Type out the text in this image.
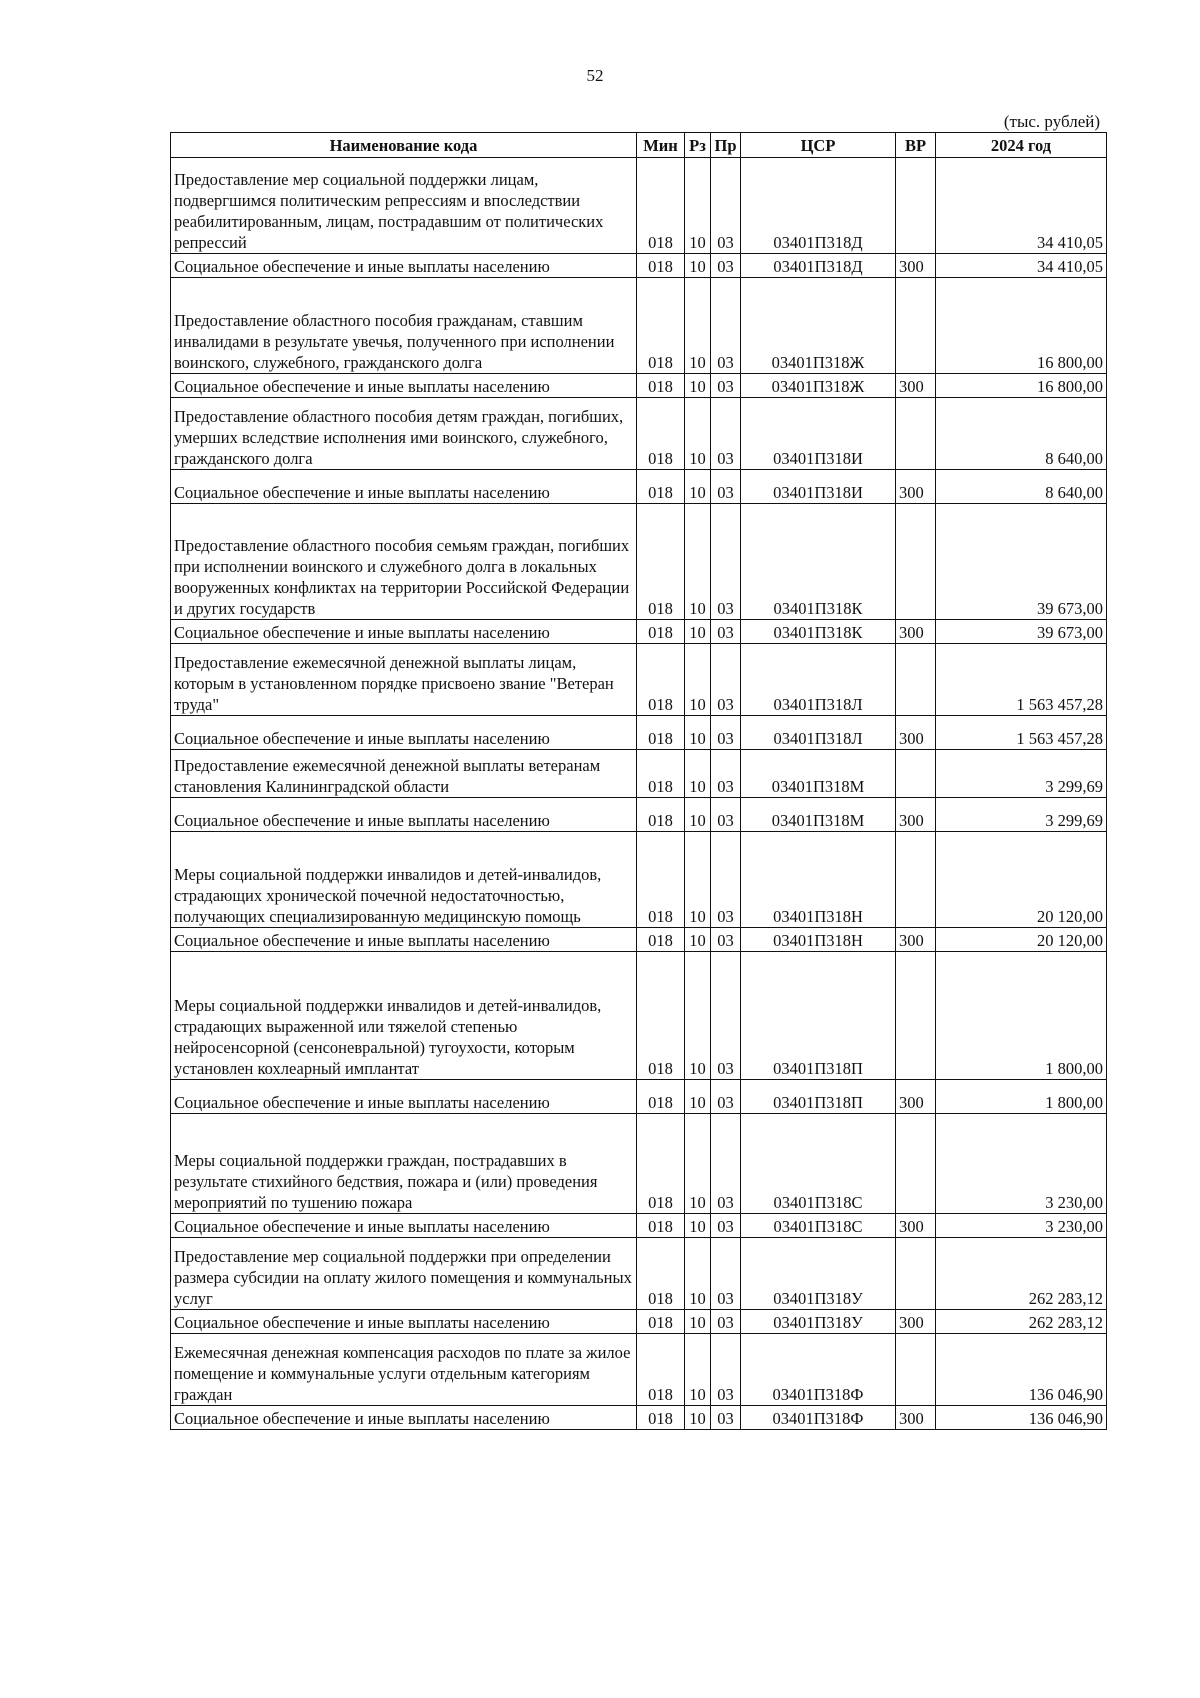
52
(тыс. рублей)
Наименование кода	Мин	Рз	Пр	ЦСР	ВР	2024 год
Предоставление мер социальной поддержки лицам, подвергшимся политическим репрессиям и впоследствии реабилитированным, лицам, пострадавшим от политических репрессий	018	10	03	03401П318Д		34 410,05
Социальное обеспечение и иные выплаты населению	018	10	03	03401П318Д	300	34 410,05
Предоставление областного пособия гражданам, ставшим инвалидами в результате увечья, полученного при исполнении воинского, служебного, гражданского долга	018	10	03	03401П318Ж		16 800,00
Социальное обеспечение и иные выплаты населению	018	10	03	03401П318Ж	300	16 800,00
Предоставление областного пособия детям граждан, погибших, умерших вследствие исполнения ими воинского, служебного, гражданского долга	018	10	03	03401П318И		8 640,00
Социальное обеспечение и иные выплаты населению	018	10	03	03401П318И	300	8 640,00
Предоставление областного пособия семьям граждан, погибших при исполнении воинского и служебного долга в локальных вооруженных конфликтах на территории Российской Федерации и других государств	018	10	03	03401П318К		39 673,00
Социальное обеспечение и иные выплаты населению	018	10	03	03401П318К	300	39 673,00
Предоставление ежемесячной денежной выплаты лицам, которым в установленном порядке присвоено звание "Ветеран труда"	018	10	03	03401П318Л		1 563 457,28
Социальное обеспечение и иные выплаты населению	018	10	03	03401П318Л	300	1 563 457,28
Предоставление ежемесячной денежной выплаты ветеранам становления Калининградской области	018	10	03	03401П318М		3 299,69
Социальное обеспечение и иные выплаты населению	018	10	03	03401П318М	300	3 299,69
Меры социальной поддержки инвалидов и детей-инвалидов, страдающих хронической почечной недостаточностью, получающих специализированную медицинскую помощь	018	10	03	03401П318Н		20 120,00
Социальное обеспечение и иные выплаты населению	018	10	03	03401П318Н	300	20 120,00
Меры социальной поддержки инвалидов и детей-инвалидов, страдающих выраженной или тяжелой степенью нейросенсорной (сенсоневральной) тугоухости, которым установлен кохлеарный имплантат	018	10	03	03401П318П		1 800,00
Социальное обеспечение и иные выплаты населению	018	10	03	03401П318П	300	1 800,00
Меры социальной поддержки граждан, пострадавших в результате стихийного бедствия, пожара и (или) проведения мероприятий по тушению пожара	018	10	03	03401П318С		3 230,00
Социальное обеспечение и иные выплаты населению	018	10	03	03401П318С	300	3 230,00
Предоставление мер социальной поддержки при определении размера субсидии на оплату жилого помещения и коммунальных услуг	018	10	03	03401П318У		262 283,12
Социальное обеспечение и иные выплаты населению	018	10	03	03401П318У	300	262 283,12
Ежемесячная денежная компенсация расходов по плате за жилое помещение и коммунальные услуги отдельным категориям граждан	018	10	03	03401П318Ф		136 046,90
Социальное обеспечение и иные выплаты населению	018	10	03	03401П318Ф	300	136 046,90
